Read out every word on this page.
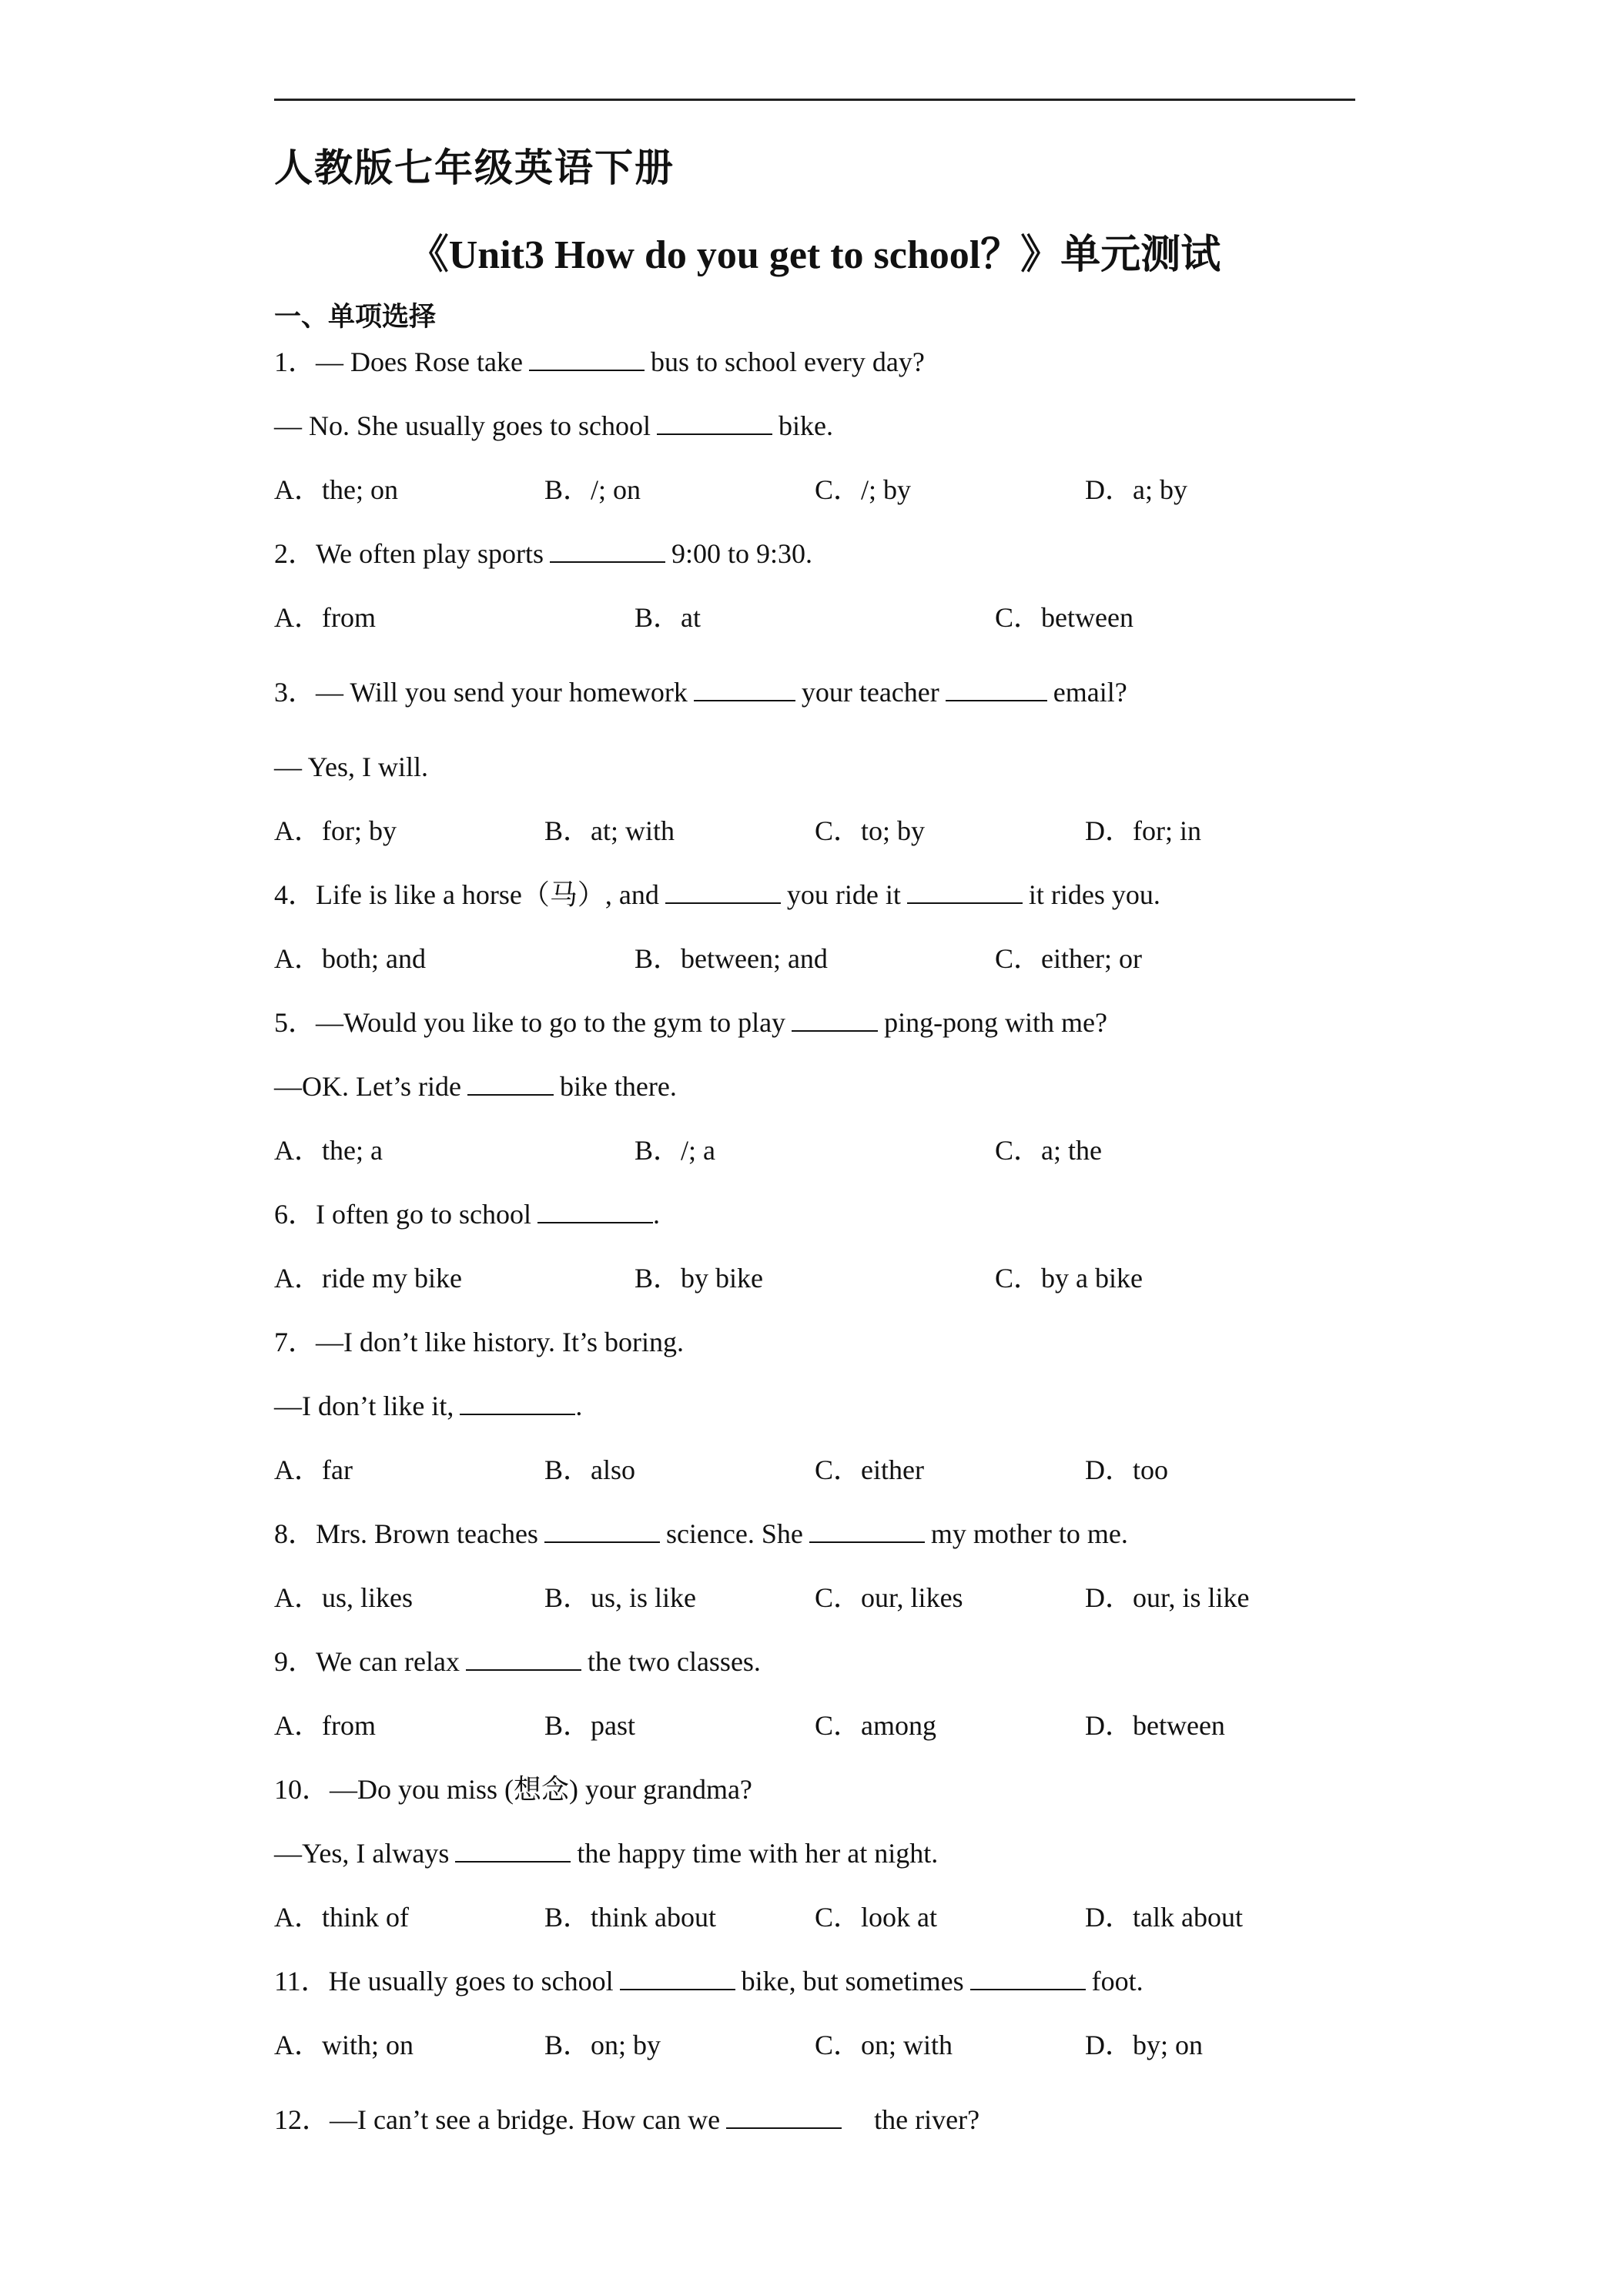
人教版七年级英语下册
《Unit3 How do you get to school？》单元测试
一、单项选择
1．— Does Rose take	bus to school every day?
— No. She usually goes to school	bike.
A．the; on	B．/; on	C．/; by	D．a; by
2．We often play sports	9:00 to 9:30.
A．from	B．at	C．between
3．— Will you send your homework	your teacher	email?
— Yes, I will.
A．for; by	B．at; with	C．to; by	D．for; in
4．Life is like a horse（马）, and	you ride it	it rides you.
A．both; and	B．between; and	C．either; or
5．—Would you like to go to the gym to play	ping-pong with me?
—OK. Let’s ride	bike there.
A．the; a	B．/; a	C．a; the
6．I often go to school	.
A．ride my bike	B．by bike	C．by a bike
7．—I don’t like history. It’s boring.
—I don’t like it,	.
A．far	B．also	C．either	D．too
8．Mrs. Brown teaches	science. She	my mother to me.
A．us, likes	B．us, is like	C．our, likes	D．our, is like
9．We can relax	the two classes.
A．from	B．past	C．among	D．between
10．—Do you miss (想念) your grandma?
—Yes, I always	the happy time with her at night.
A．think of	B．think about	C．look at	D．talk about
11．He usually goes to school	bike, but sometimes	foot.
A．with; on	B．on; by	C．on; with	D．by; on
12．—I can’t see a bridge. How can we	the river?
